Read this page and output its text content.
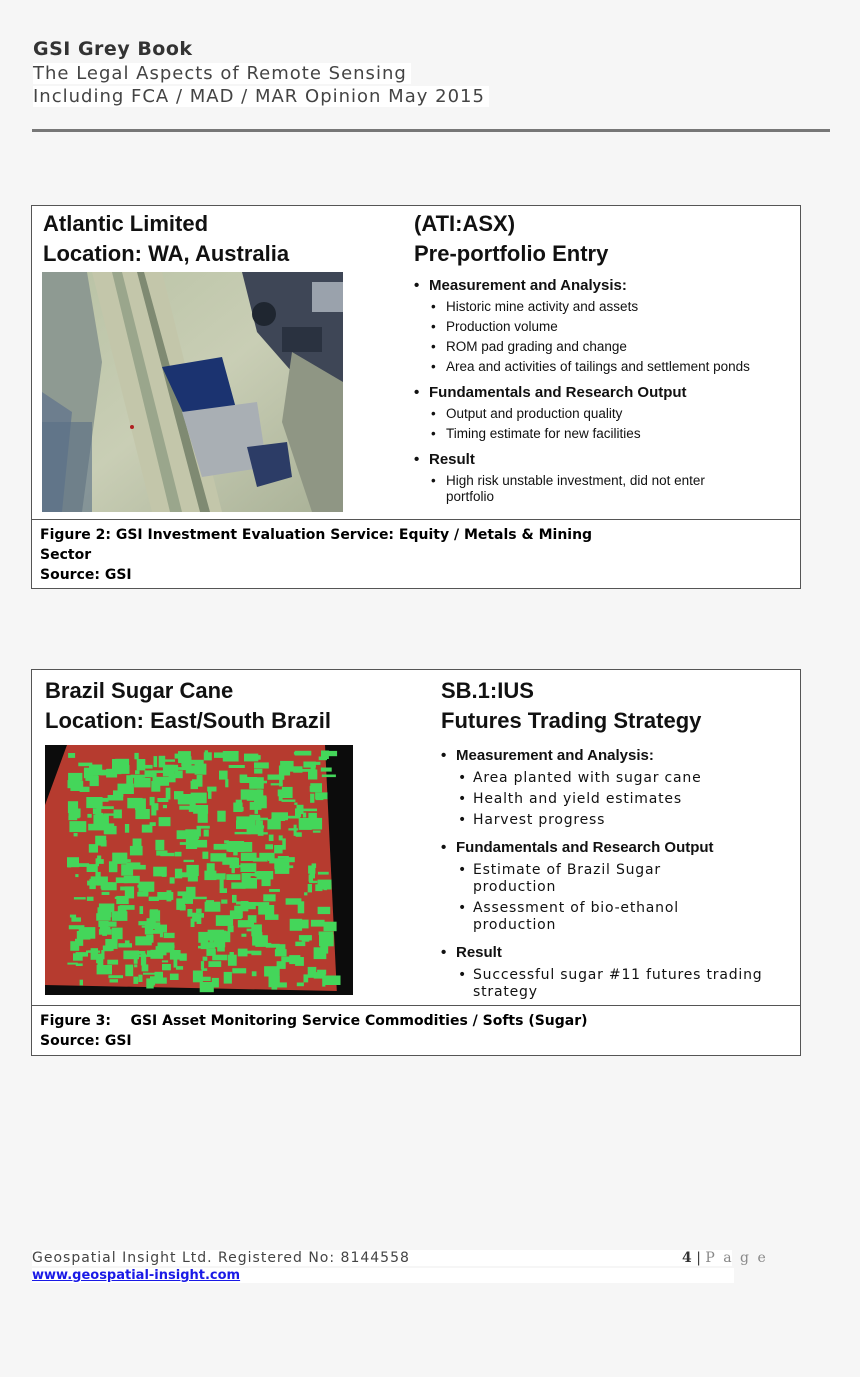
GSI Grey Book
The Legal Aspects of Remote Sensing
Including FCA / MAD / MAR Opinion May 2015
Atlantic Limited
Location: WA, Australia
(ATI:ASX)
Pre-portfolio Entry
• Measurement and Analysis:
• Historic mine activity and assets
• Production volume
• ROM pad grading and change
• Area and activities of tailings and settlement ponds
• Fundamentals and Research Output
• Output and production quality
• Timing estimate for new facilities
• Result
• High risk unstable investment, did not enter portfolio
Figure 2: GSI Investment Evaluation Service: Equity / Metals & Mining
Sector
Source: GSI
Brazil Sugar Cane
Location: East/South Brazil
SB.1:IUS
Futures Trading Strategy
• Measurement and Analysis:
• Area planted with sugar cane
• Health and yield estimates
• Harvest progress
• Fundamentals and Research Output
• Estimate of Brazil Sugar production
• Assessment of bio-ethanol production
• Result
• Successful sugar #11 futures trading strategy
Figure 3:    GSI Asset Monitoring Service Commodities / Softs (Sugar)
Source: GSI
Geospatial Insight Ltd. Registered No: 8144558
www.geospatial-insight.com
4 | P a g e
